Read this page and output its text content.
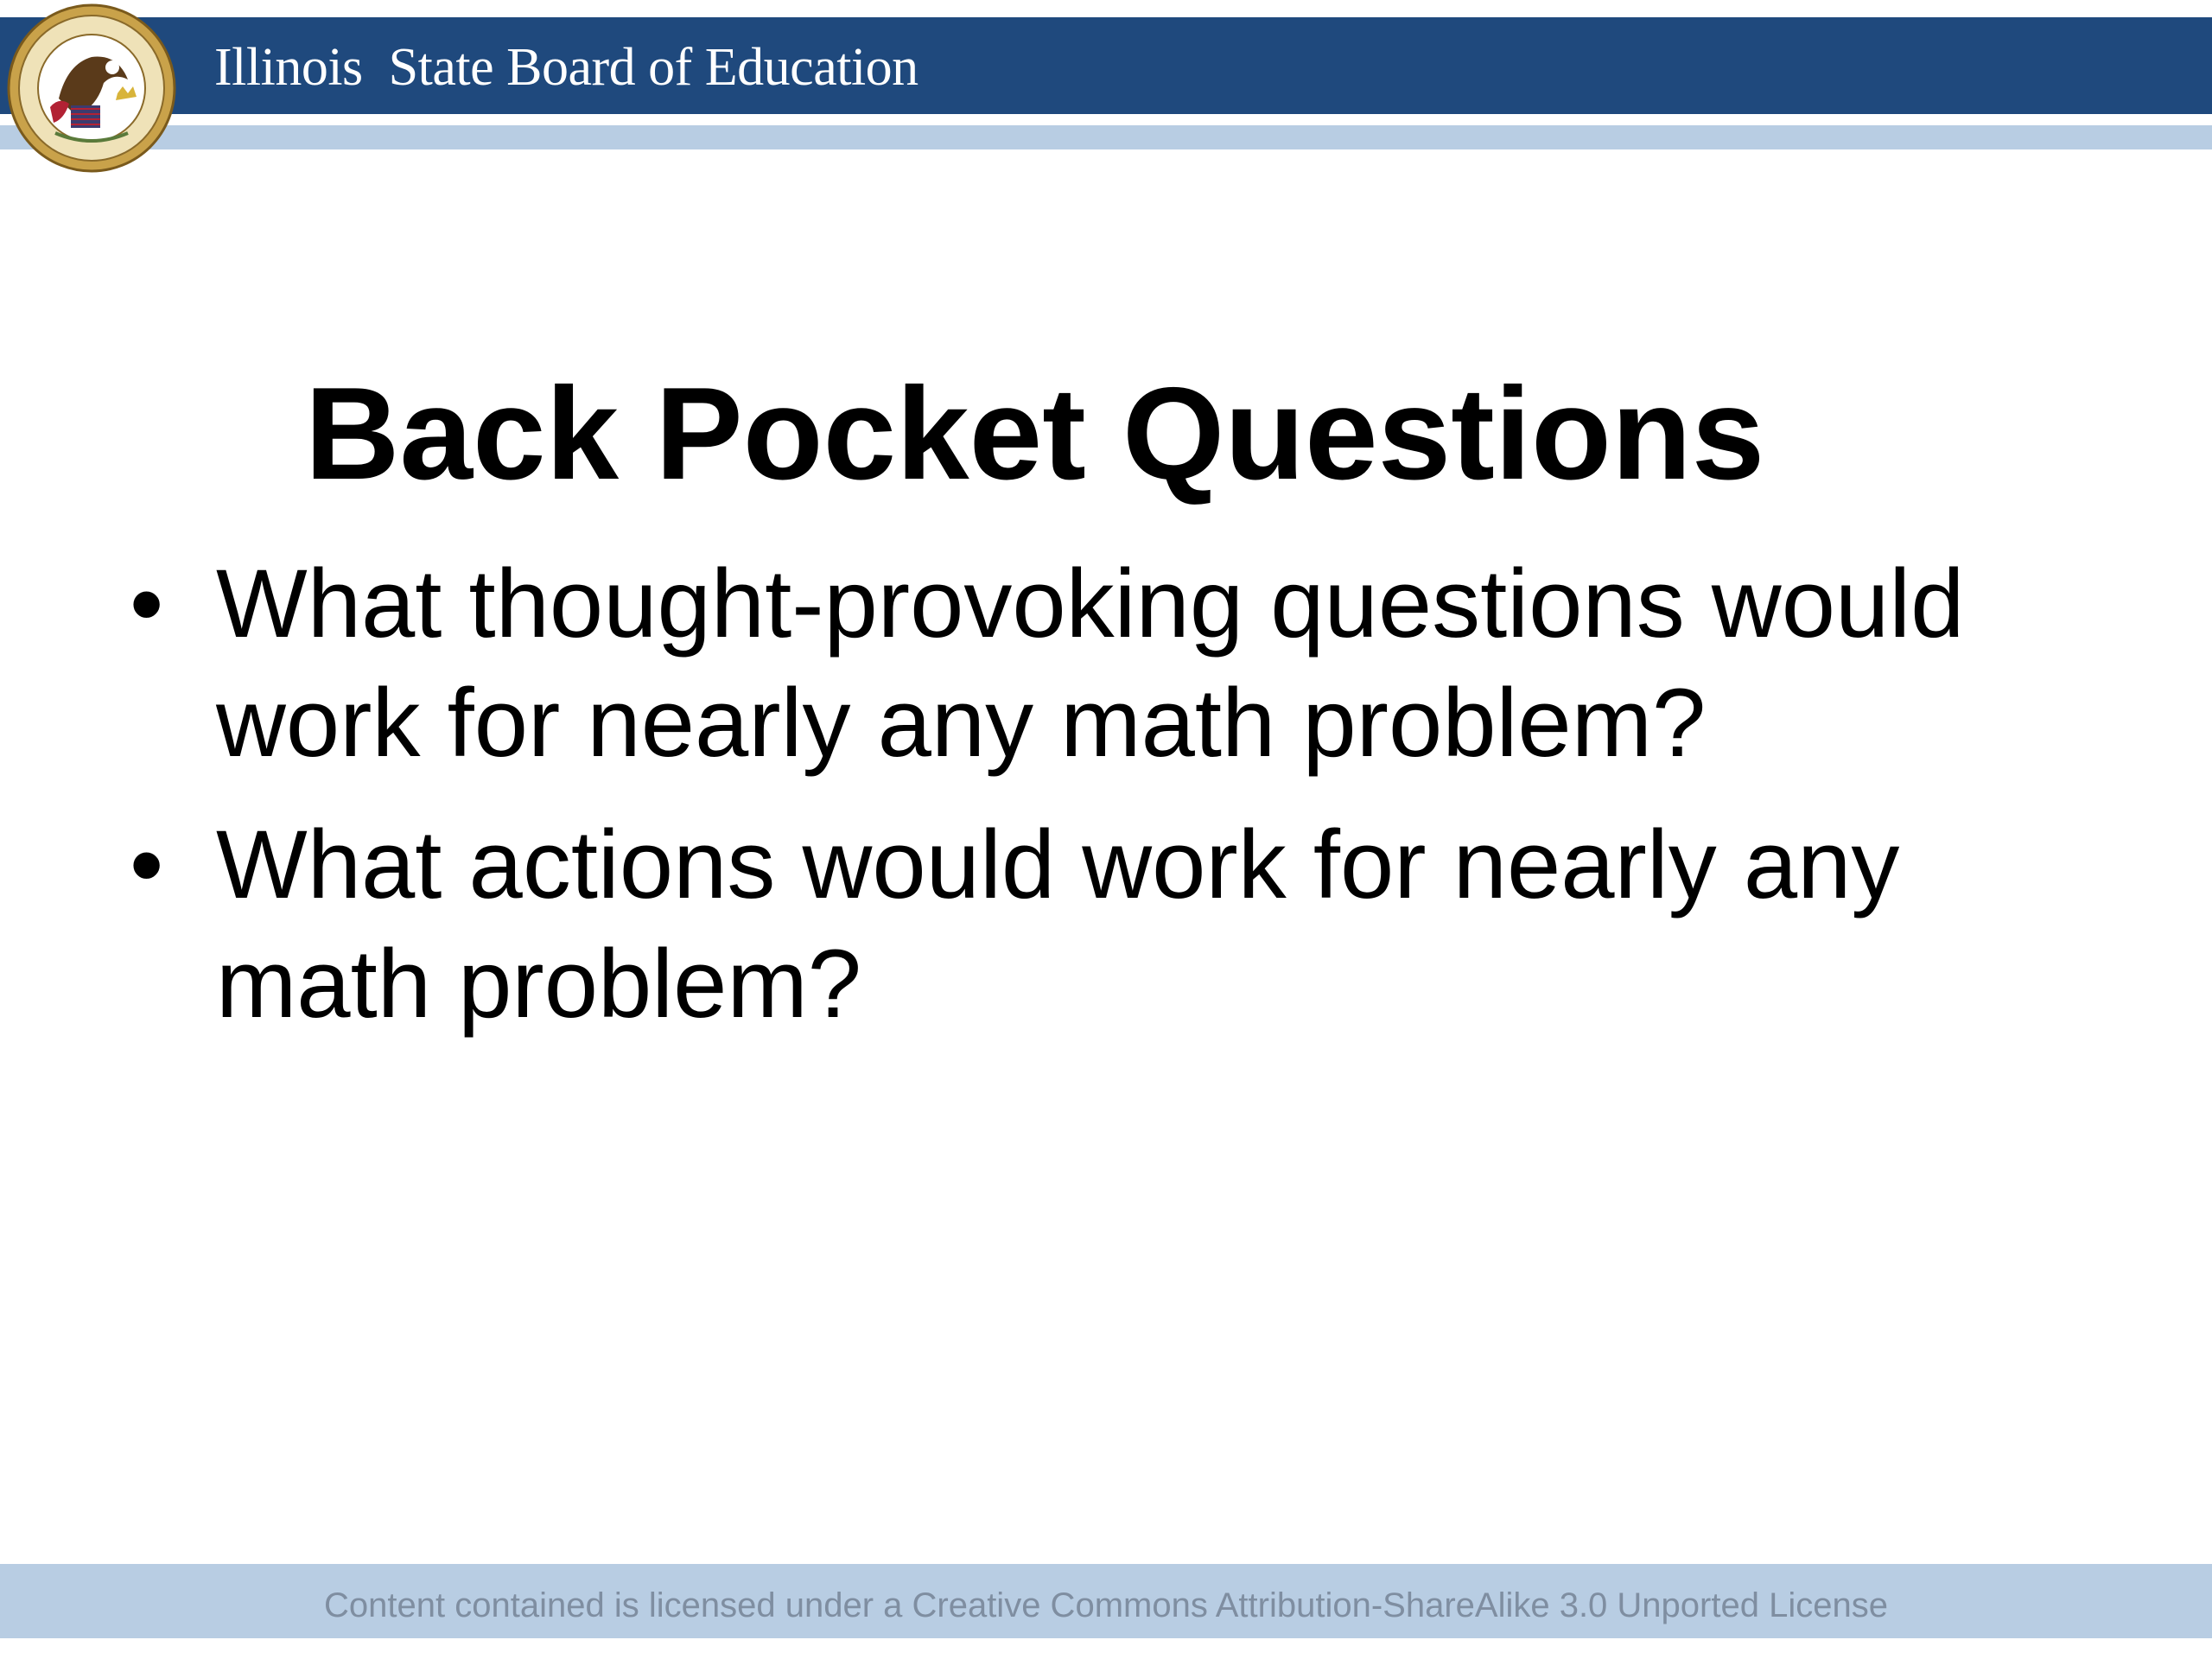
Illinois  State Board of Education
Back Pocket Questions
• What thought-provoking questions would work for nearly any math problem?
• What actions would work for nearly any math problem?
Content contained is licensed under a Creative Commons Attribution-ShareAlike 3.0 Unported License
